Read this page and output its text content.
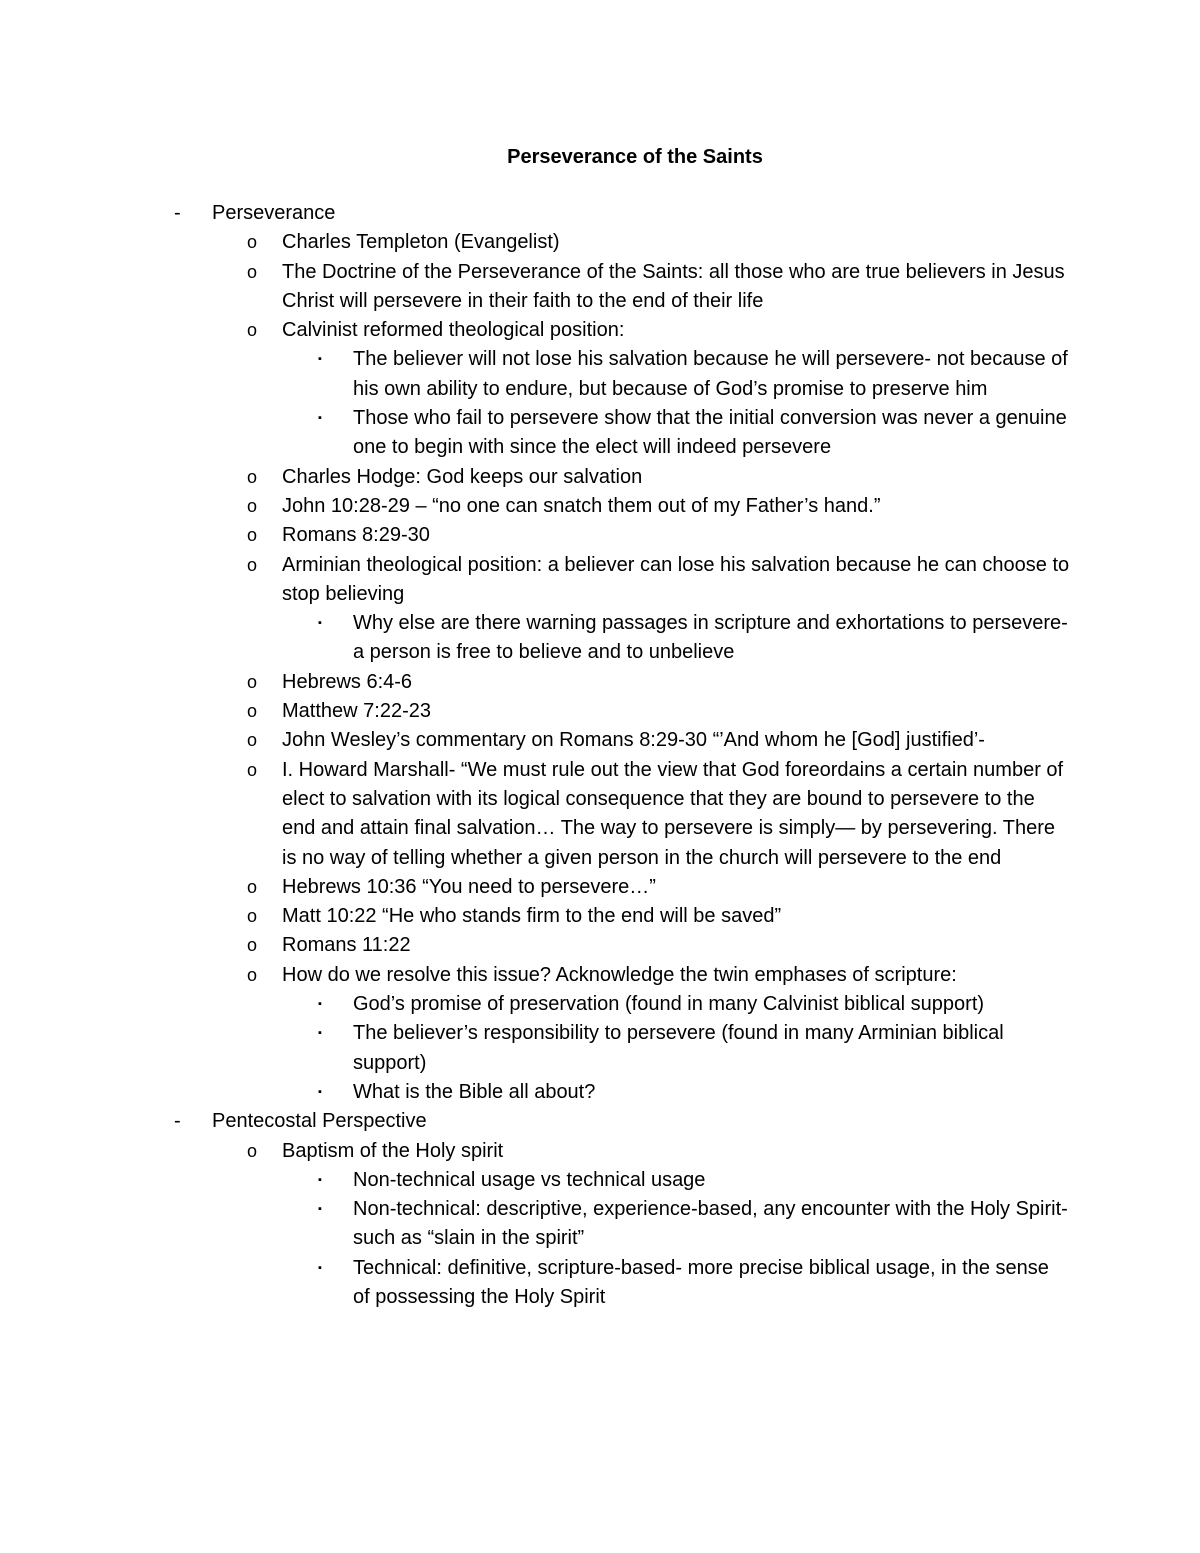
Perseverance of the Saints
- Perseverance
o Charles Templeton (Evangelist)
o The Doctrine of the Perseverance of the Saints: all those who are true believers in Jesus Christ will persevere in their faith to the end of their life
o Calvinist reformed theological position:
▪ The believer will not lose his salvation because he will persevere- not because of his own ability to endure, but because of God’s promise to preserve him
▪ Those who fail to persevere show that the initial conversion was never a genuine one to begin with since the elect will indeed persevere
o Charles Hodge: God keeps our salvation
o John 10:28-29 – “no one can snatch them out of my Father’s hand.”
o Romans 8:29-30
o Arminian theological position: a believer can lose his salvation because he can choose to stop believing
▪ Why else are there warning passages in scripture and exhortations to persevere- a person is free to believe and to unbelieve
o Hebrews 6:4-6
o Matthew 7:22-23
o John Wesley’s commentary on Romans 8:29-30 “’And whom he [God] justified’-
o I. Howard Marshall- “We must rule out the view that God foreordains a certain number of elect to salvation with its logical consequence that they are bound to persevere to the end and attain final salvation… The way to persevere is simply— by persevering. There is no way of telling whether a given person in the church will persevere to the end
o Hebrews 10:36 “You need to persevere…”
o Matt 10:22 “He who stands firm to the end will be saved”
o Romans 11:22
o How do we resolve this issue? Acknowledge the twin emphases of scripture:
▪ God’s promise of preservation (found in many Calvinist biblical support)
▪ The believer’s responsibility to persevere (found in many Arminian biblical support)
▪ What is the Bible all about?
- Pentecostal Perspective
o Baptism of the Holy spirit
▪ Non-technical usage vs technical usage
▪ Non-technical: descriptive, experience-based, any encounter with the Holy Spirit- such as “slain in the spirit”
▪ Technical: definitive, scripture-based- more precise biblical usage, in the sense of possessing the Holy Spirit
